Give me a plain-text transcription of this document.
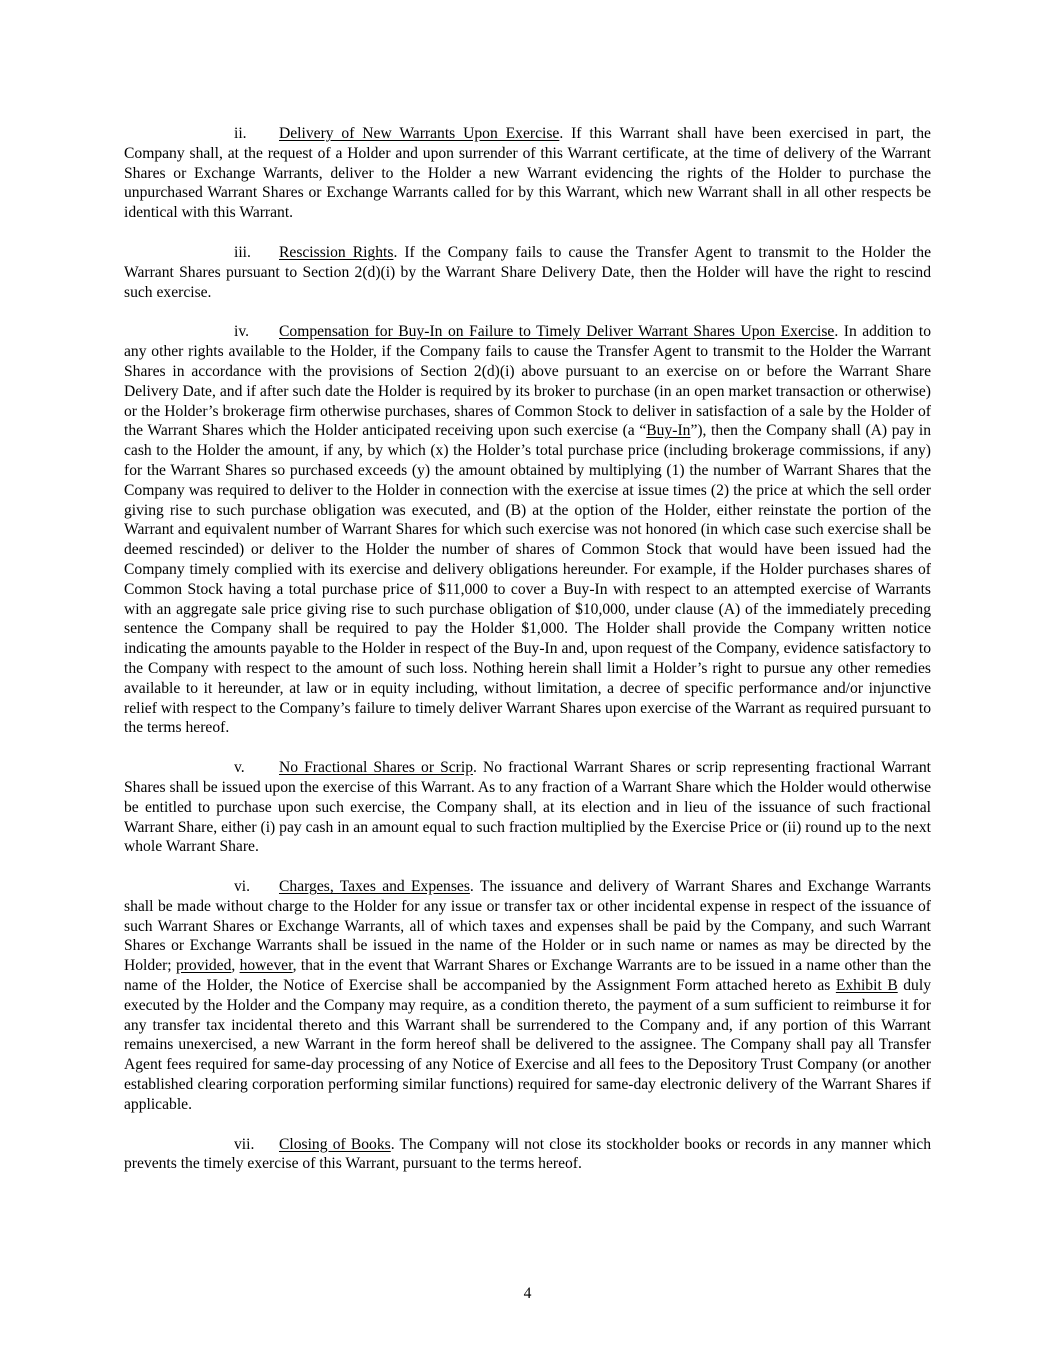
ii. Delivery of New Warrants Upon Exercise. If this Warrant shall have been exercised in part, the Company shall, at the request of a Holder and upon surrender of this Warrant certificate, at the time of delivery of the Warrant Shares or Exchange Warrants, deliver to the Holder a new Warrant evidencing the rights of the Holder to purchase the unpurchased Warrant Shares or Exchange Warrants called for by this Warrant, which new Warrant shall in all other respects be identical with this Warrant.

iii. Rescission Rights. If the Company fails to cause the Transfer Agent to transmit to the Holder the Warrant Shares pursuant to Section 2(d)(i) by the Warrant Share Delivery Date, then the Holder will have the right to rescind such exercise.

iv. Compensation for Buy-In on Failure to Timely Deliver Warrant Shares Upon Exercise. In addition to any other rights available to the Holder, if the Company fails to cause the Transfer Agent to transmit to the Holder the Warrant Shares in accordance with the provisions of Section 2(d)(i) above pursuant to an exercise on or before the Warrant Share Delivery Date, and if after such date the Holder is required by its broker to purchase (in an open market transaction or otherwise) or the Holder’s brokerage firm otherwise purchases, shares of Common Stock to deliver in satisfaction of a sale by the Holder of the Warrant Shares which the Holder anticipated receiving upon such exercise (a “Buy-In”), then the Company shall (A) pay in cash to the Holder the amount, if any, by which (x) the Holder’s total purchase price (including brokerage commissions, if any) for the Warrant Shares so purchased exceeds (y) the amount obtained by multiplying (1) the number of Warrant Shares that the Company was required to deliver to the Holder in connection with the exercise at issue times (2) the price at which the sell order giving rise to such purchase obligation was executed, and (B) at the option of the Holder, either reinstate the portion of the Warrant and equivalent number of Warrant Shares for which such exercise was not honored (in which case such exercise shall be deemed rescinded) or deliver to the Holder the number of shares of Common Stock that would have been issued had the Company timely complied with its exercise and delivery obligations hereunder. For example, if the Holder purchases shares of Common Stock having a total purchase price of $11,000 to cover a Buy-In with respect to an attempted exercise of Warrants with an aggregate sale price giving rise to such purchase obligation of $10,000, under clause (A) of the immediately preceding sentence the Company shall be required to pay the Holder $1,000. The Holder shall provide the Company written notice indicating the amounts payable to the Holder in respect of the Buy-In and, upon request of the Company, evidence satisfactory to the Company with respect to the amount of such loss. Nothing herein shall limit a Holder’s right to pursue any other remedies available to it hereunder, at law or in equity including, without limitation, a decree of specific performance and/or injunctive relief with respect to the Company’s failure to timely deliver Warrant Shares upon exercise of the Warrant as required pursuant to the terms hereof.

v. No Fractional Shares or Scrip. No fractional Warrant Shares or scrip representing fractional Warrant Shares shall be issued upon the exercise of this Warrant. As to any fraction of a Warrant Share which the Holder would otherwise be entitled to purchase upon such exercise, the Company shall, at its election and in lieu of the issuance of such fractional Warrant Share, either (i) pay cash in an amount equal to such fraction multiplied by the Exercise Price or (ii) round up to the next whole Warrant Share.

vi. Charges, Taxes and Expenses. The issuance and delivery of Warrant Shares and Exchange Warrants shall be made without charge to the Holder for any issue or transfer tax or other incidental expense in respect of the issuance of such Warrant Shares or Exchange Warrants, all of which taxes and expenses shall be paid by the Company, and such Warrant Shares or Exchange Warrants shall be issued in the name of the Holder or in such name or names as may be directed by the Holder; provided, however, that in the event that Warrant Shares or Exchange Warrants are to be issued in a name other than the name of the Holder, the Notice of Exercise shall be accompanied by the Assignment Form attached hereto as Exhibit B duly executed by the Holder and the Company may require, as a condition thereto, the payment of a sum sufficient to reimburse it for any transfer tax incidental thereto and this Warrant shall be surrendered to the Company and, if any portion of this Warrant remains unexercised, a new Warrant in the form hereof shall be delivered to the assignee. The Company shall pay all Transfer Agent fees required for same-day processing of any Notice of Exercise and all fees to the Depository Trust Company (or another established clearing corporation performing similar functions) required for same-day electronic delivery of the Warrant Shares if applicable.

vii. Closing of Books. The Company will not close its stockholder books or records in any manner which prevents the timely exercise of this Warrant, pursuant to the terms hereof.

4
